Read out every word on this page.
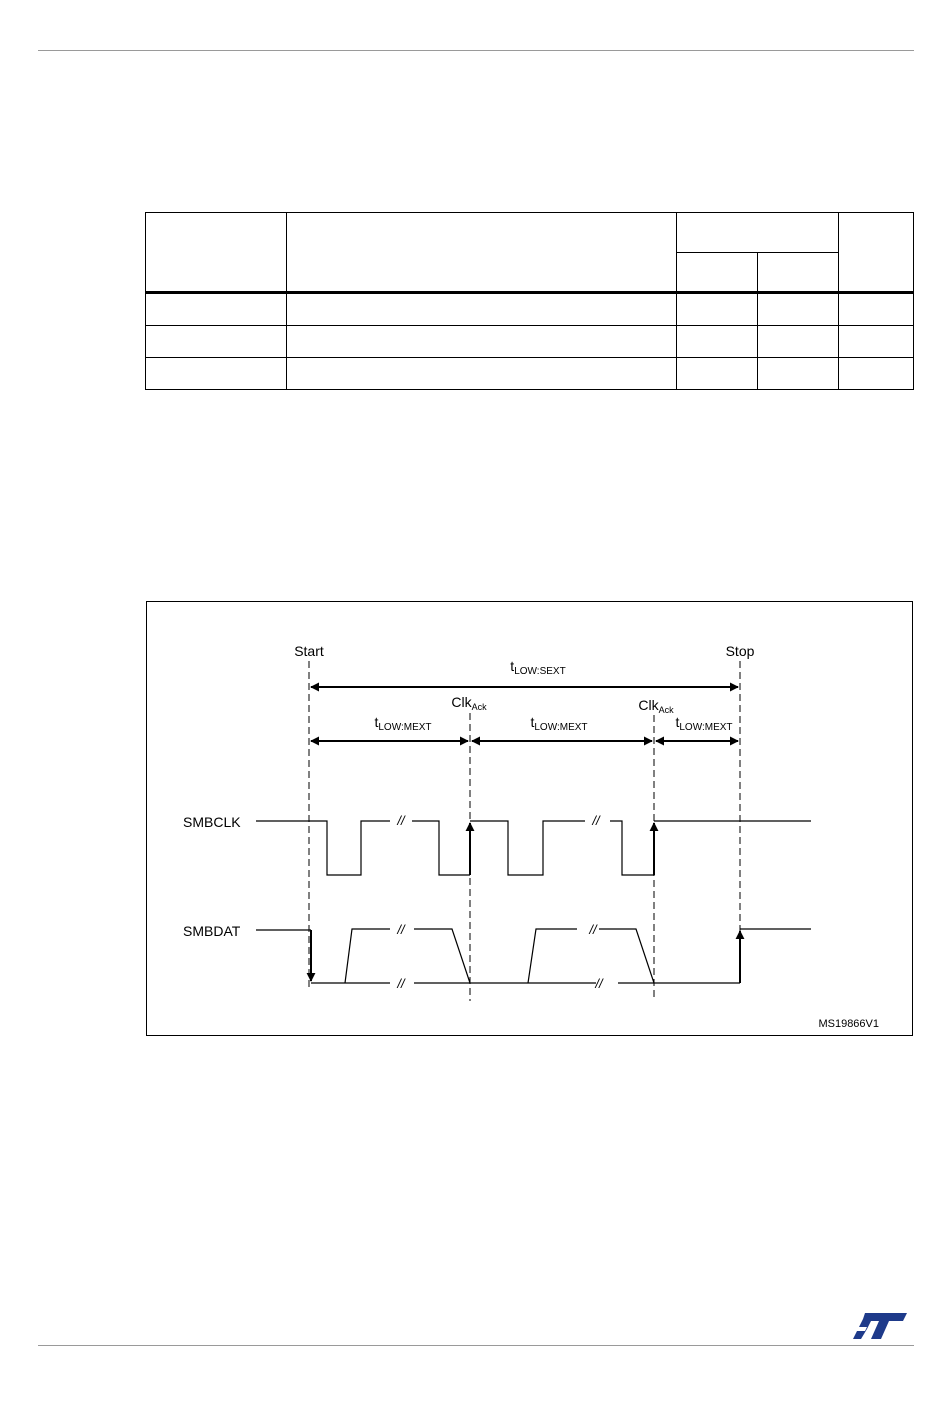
Start	Stop
tLOW:SEXT
ClkAck	ClkAck
tLOW:MEXT	tLOW:MEXT	tLOW:MEXT
SMBCLK
SMBDAT
//	//
//	//
//	//
MS19866V1
